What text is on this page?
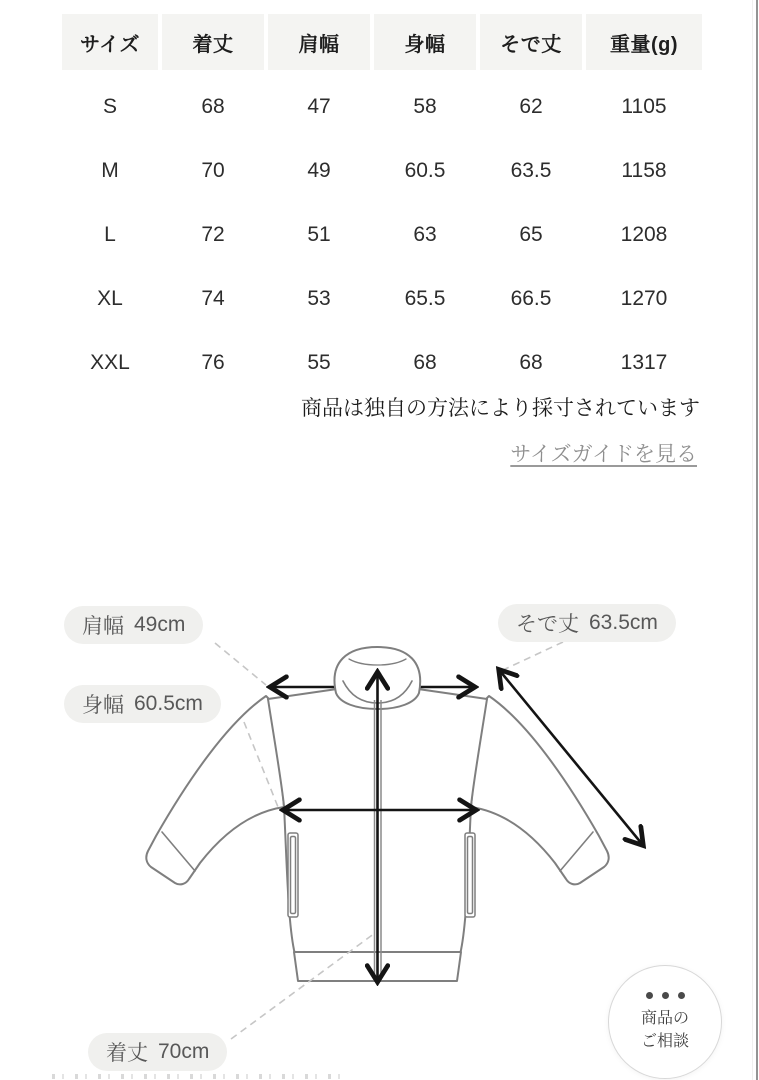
サイズ	着丈	肩幅	身幅	そで丈	重量(g)
S	68	47	58	62	1105
M	70	49	60.5	63.5	1158
L	72	51	63	65	1208
XL	74	53	65.5	66.5	1270
XXL	76	55	68	68	1317
商品は独自の方法により採寸されています
サイズガイドを見る
肩幅 49cm
身幅 60.5cm
そで丈 63.5cm
着丈 70cm
商品の
ご相談
